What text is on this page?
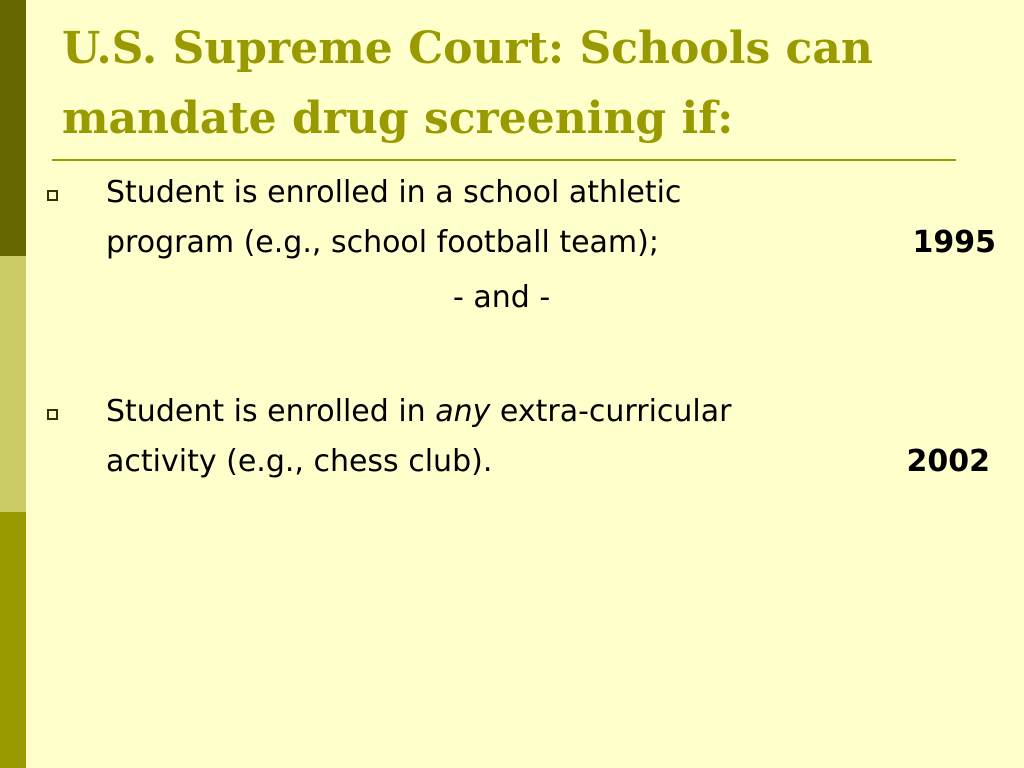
U.S. Supreme Court: Schools can
mandate drug screening if:
Student is enrolled in a school athletic
program (e.g., school football team);	1995
- and -
Student is enrolled in any extra-curricular
activity (e.g., chess club).	2002
